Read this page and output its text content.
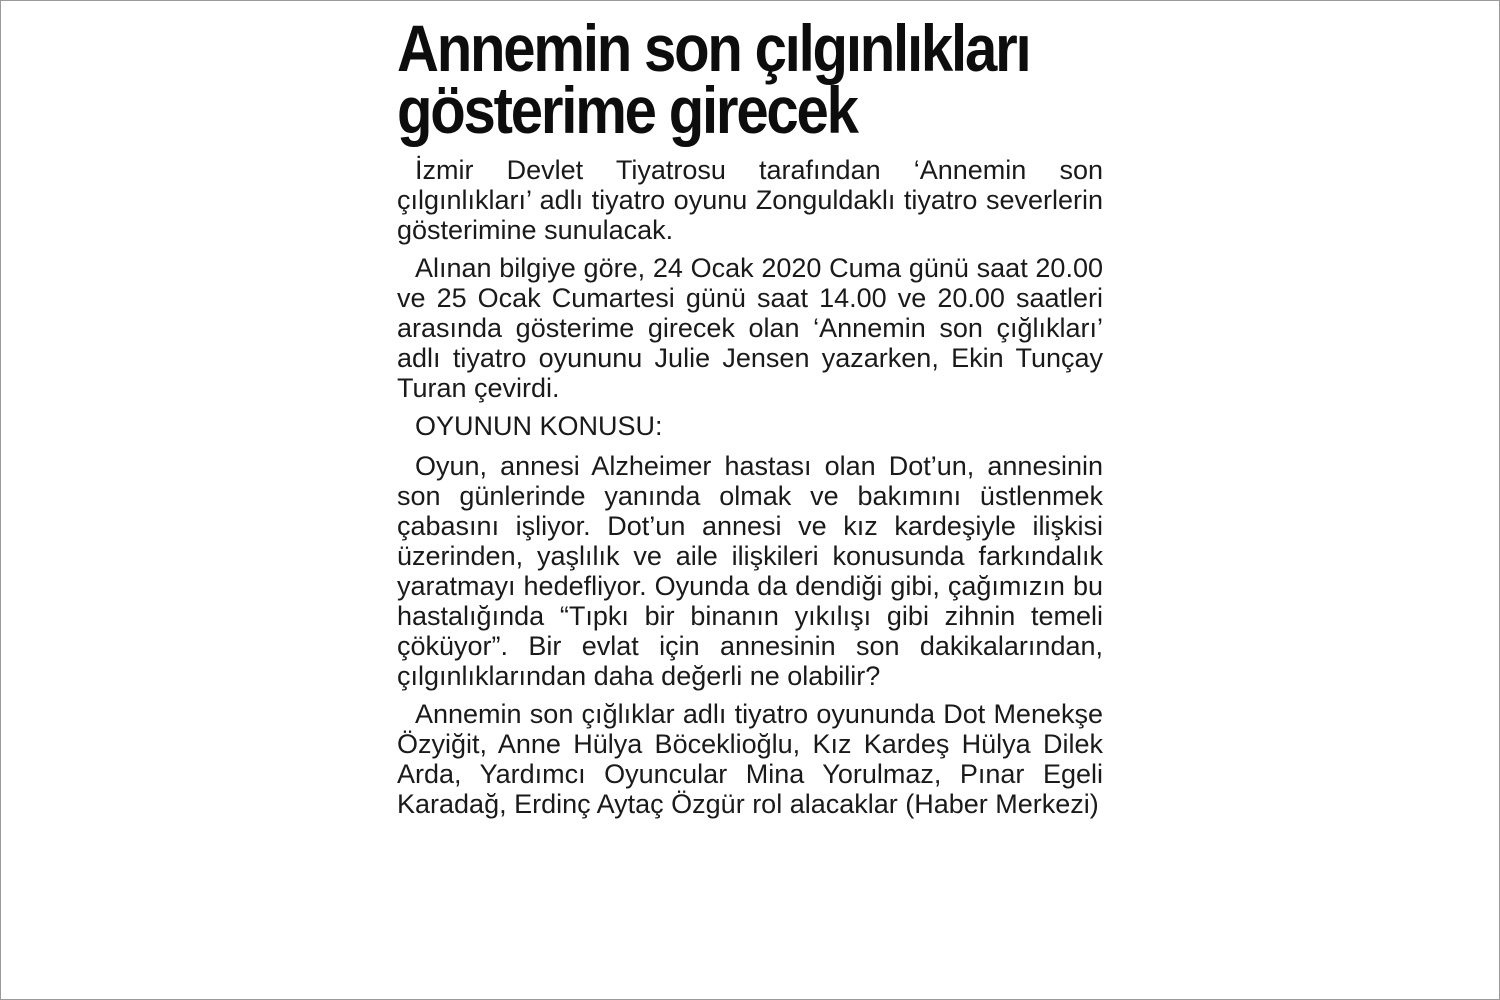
Annemin son çılgınlıkları
gösterime girecek

İzmir Devlet Tiyatrosu tarafından ‘Annemin son çılgınlıkları’ adlı tiyatro oyunu Zonguldaklı tiyatro severlerin gösterimine sunulacak.

Alınan bilgiye göre, 24 Ocak 2020 Cuma günü saat 20.00 ve 25 Ocak Cumartesi günü saat 14.00 ve 20.00 saatleri arasında gösterime girecek olan ‘Annemin son çığlıkları’ adlı tiyatro oyununu Julie Jensen yazarken, Ekin Tunçay Turan çevirdi.

OYUNUN KONUSU:

Oyun, annesi Alzheimer hastası olan Dot’un, annesinin son günlerinde yanında olmak ve bakımını üstlenmek çabasını işliyor. Dot’un annesi ve kız kardeşiyle ilişkisi üzerinden, yaşlılık ve aile ilişkileri konusunda farkındalık yaratmayı hedefliyor. Oyunda da dendiği gibi, çağımızın bu hastalığında “Tıpkı bir binanın yıkılışı gibi zihnin temeli çöküyor”. Bir evlat için annesinin son dakikalarından, çılgınlıklarından daha değerli ne olabilir?

Annemin son çığlıklar adlı tiyatro oyununda Dot Menekşe Özyiğit, Anne Hülya Böceklioğlu, Kız Kardeş Hülya Dilek Arda, Yardımcı Oyuncular Mina Yorulmaz, Pınar Egeli Karadağ, Erdinç Aytaç Özgür rol alacaklar (Haber Merkezi)
